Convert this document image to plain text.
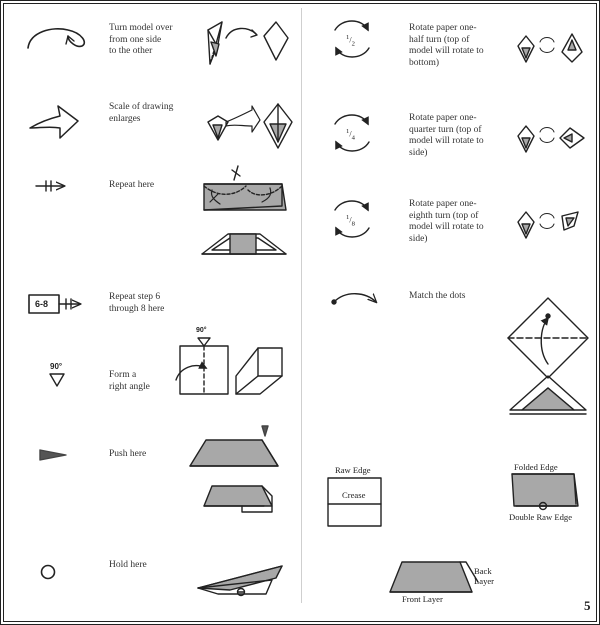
Turn model over
from one side
to the other
Scale of drawing
enlarges
Repeat here
Repeat step 6
through 8 here
Form a
right angle
Push here
Hold here
6-8
90°
90°
$^1/_2$
$^1/_4$
$^1/_8$
Rotate paper one-
half turn (top of
model will rotate to
bottom)
Rotate paper one-
quarter turn (top of
model will rotate to
side)
Rotate paper one-
eighth turn (top of
model will rotate to
side)
Match the dots
Raw Edge
Crease
Folded Edge
Double Raw Edge
Back
Layer
Front Layer	5
